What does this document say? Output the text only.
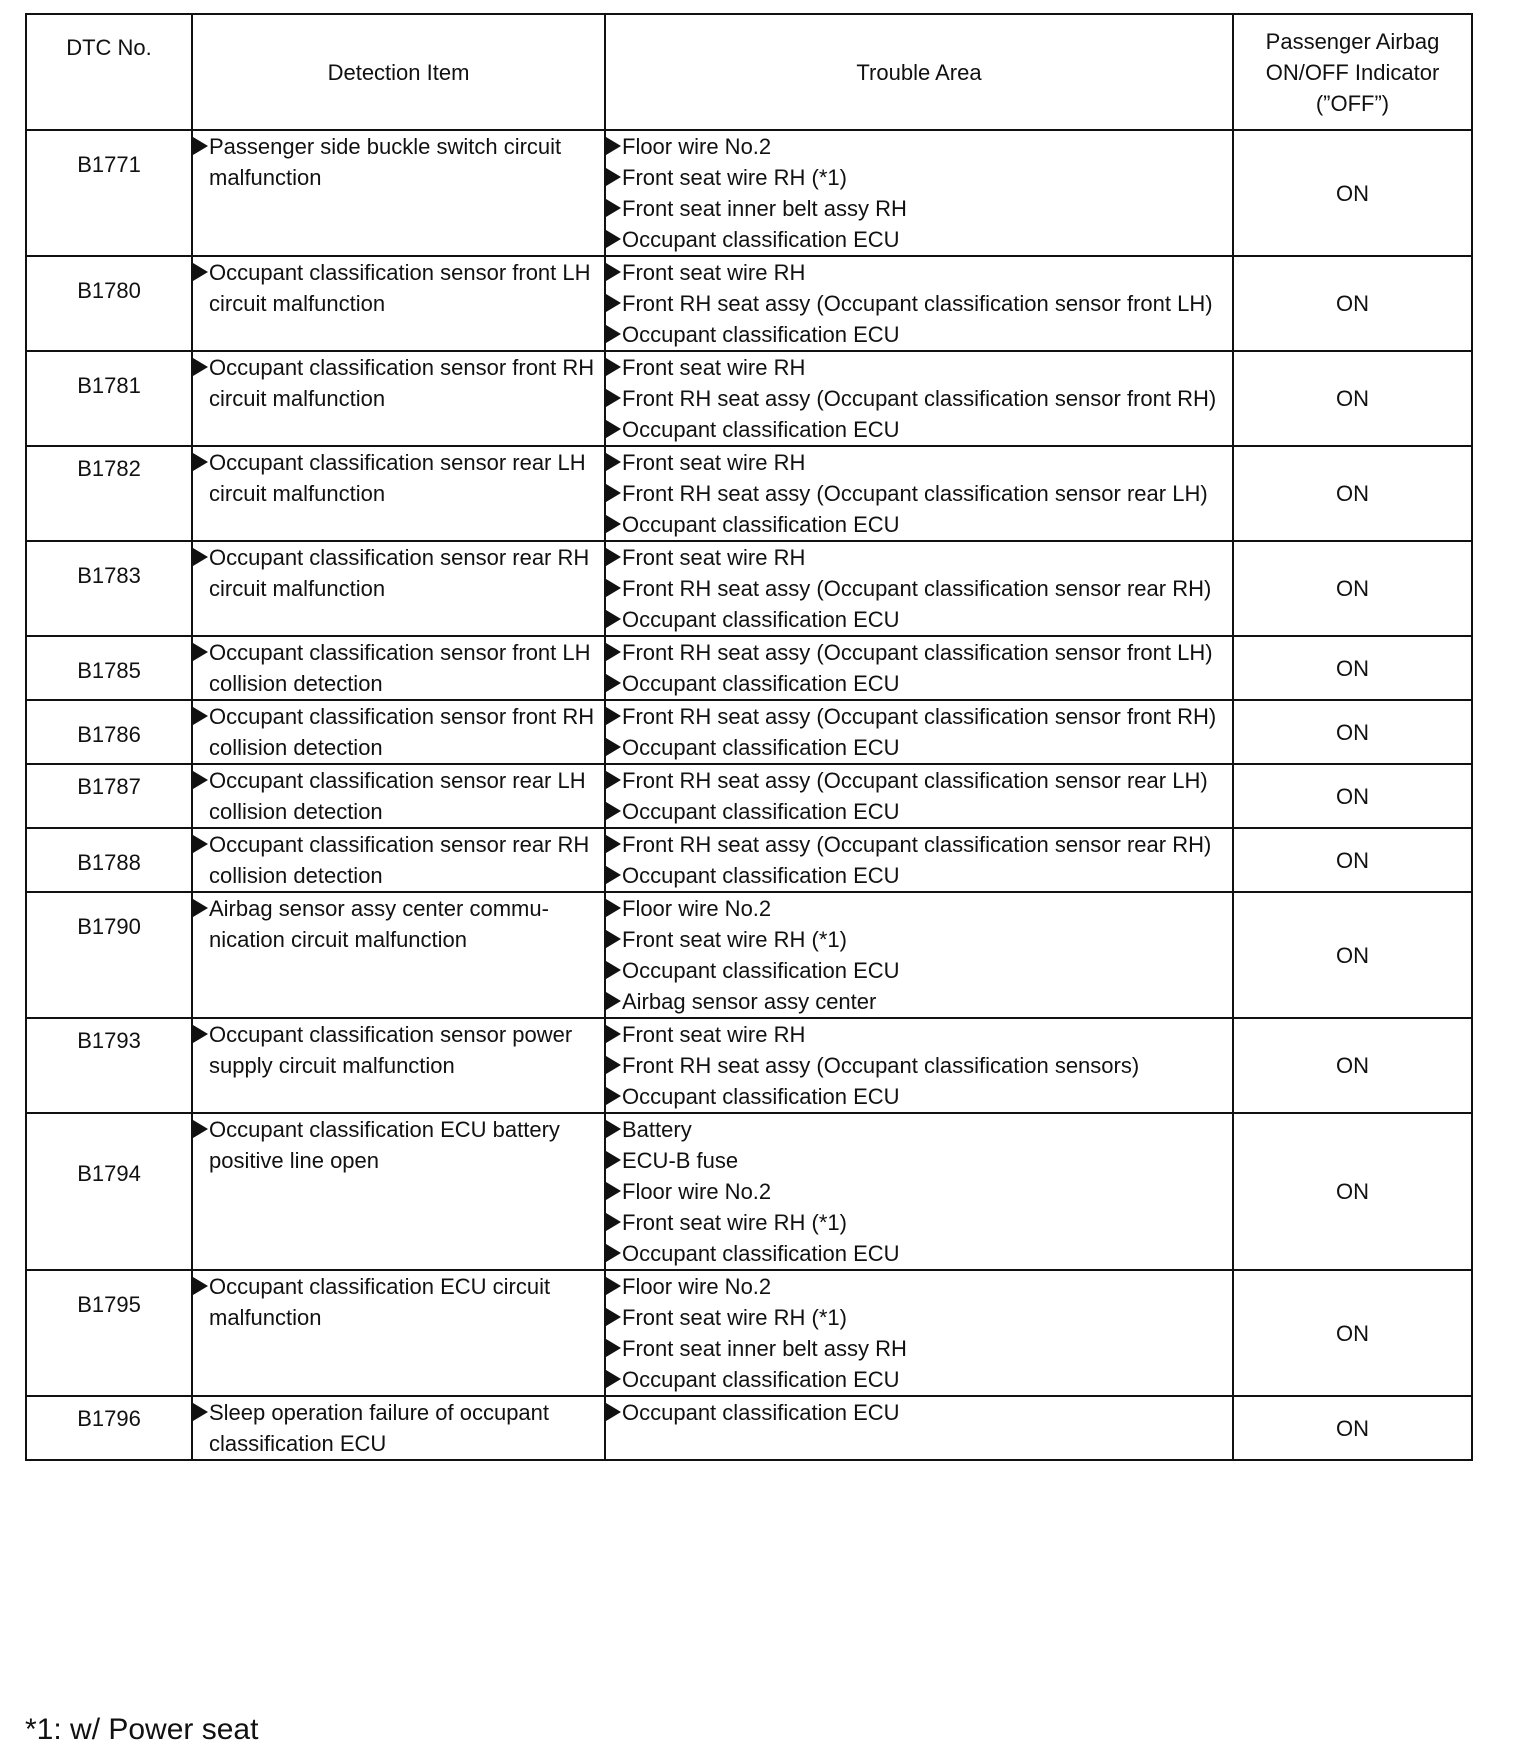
DTC No.	Detection Item	Trouble Area	Passenger Airbag
ON/OFF Indicator
(”OFF”)

B1771	Passenger side buckle switch circuit malfunction	Floor wire No.2
Front seat wire RH (*1)
Front seat inner belt assy RH
Occupant classification ECU	ON

B1780	Occupant classification sensor front LH circuit malfunction	Front seat wire RH
Front RH seat assy (Occupant classification sensor front LH)
Occupant classification ECU	ON

B1781	Occupant classification sensor front RH circuit malfunction	Front seat wire RH
Front RH seat assy (Occupant classification sensor front RH)
Occupant classification ECU	ON

B1782	Occupant classification sensor rear LH circuit malfunction	Front seat wire RH
Front RH seat assy (Occupant classification sensor rear LH)
Occupant classification ECU	ON

B1783	Occupant classification sensor rear RH circuit malfunction	Front seat wire RH
Front RH seat assy (Occupant classification sensor rear RH)
Occupant classification ECU	ON

B1785	Occupant classification sensor front LH collision detection	Front RH seat assy (Occupant classification sensor front LH)
Occupant classification ECU	ON

B1786	Occupant classification sensor front RH collision detection	Front RH seat assy (Occupant classification sensor front RH)
Occupant classification ECU	ON

B1787	Occupant classification sensor rear LH collision detection	Front RH seat assy (Occupant classification sensor rear LH)
Occupant classification ECU	ON

B1788	Occupant classification sensor rear RH collision detection	Front RH seat assy (Occupant classification sensor rear RH)
Occupant classification ECU	ON

B1790	Airbag sensor assy center commu-nication circuit malfunction	Floor wire No.2
Front seat wire RH (*1)
Occupant classification ECU
Airbag sensor assy center	ON

B1793	Occupant classification sensor power supply circuit malfunction	Front seat wire RH
Front RH seat assy (Occupant classification sensors)
Occupant classification ECU	ON

B1794	Occupant classification ECU battery positive line open	Battery
ECU-B fuse
Floor wire No.2
Front seat wire RH (*1)
Occupant classification ECU	ON

B1795	Occupant classification ECU circuit malfunction	Floor wire No.2
Front seat wire RH (*1)
Front seat inner belt assy RH
Occupant classification ECU	ON

B1796	Sleep operation failure of occupant classification ECU	Occupant classification ECU	ON
*1: w/ Power seat
